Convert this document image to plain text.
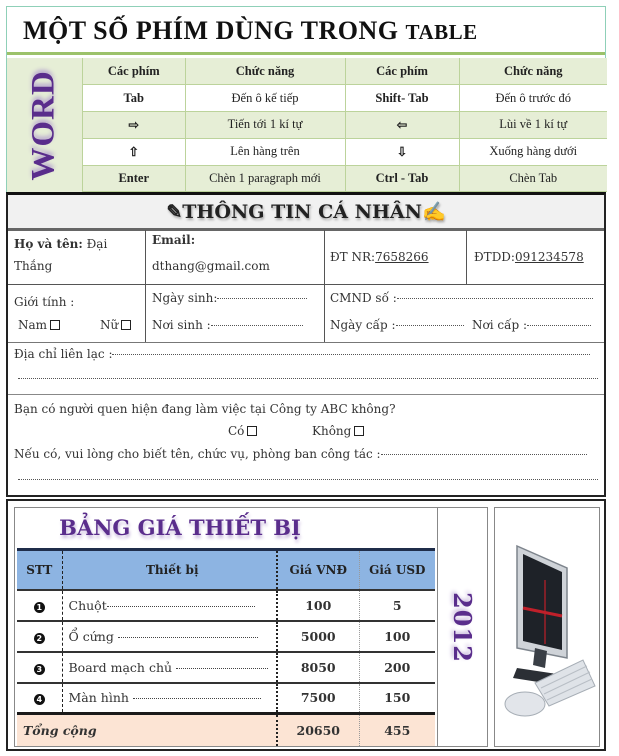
MỘT SỐ PHÍM DÙNG TRONG TABLE
WORD	Các phím	Chức năng	Các phím	Chức năng
Tab	Đến ô kế tiếp	Shift- Tab	Đến ô trước đó
⇨	Tiến tới 1 kí tự	⇦	Lùi về 1 kí tự
⇧	Lên hàng trên	⇩	Xuống hàng dưới
Enter	Chèn 1 paragraph mới	Ctrl - Tab	Chèn Tab
✎THÔNG TIN CÁ NHÂN✍
Họ và tên: Đại
Thắng
Email:
dthang@gmail.com
ĐT NR:7658266	ĐTDD:091234578
Giới tính :
Nam	Nữ
Ngày sinh:
Nơi sinh :
CMND số :
Ngày cấp :	Nơi cấp :
Địa chỉ liên lạc :
Bạn có người quen hiện đang làm việc tại Công ty ABC không?
Có	Không
Nếu có, vui lòng cho biết tên, chức vụ, phòng ban công tác :
BẢNG GIÁ THIẾT BỊ
STT	Thiết bị	Giá VNĐ	Giá USD
1	Chuột	100	5
2	Ổ cứng	5000	100
3	Board mạch chủ	8050	200
4	Màn hình	7500	150
Tổng cộng		20650	455
2012
